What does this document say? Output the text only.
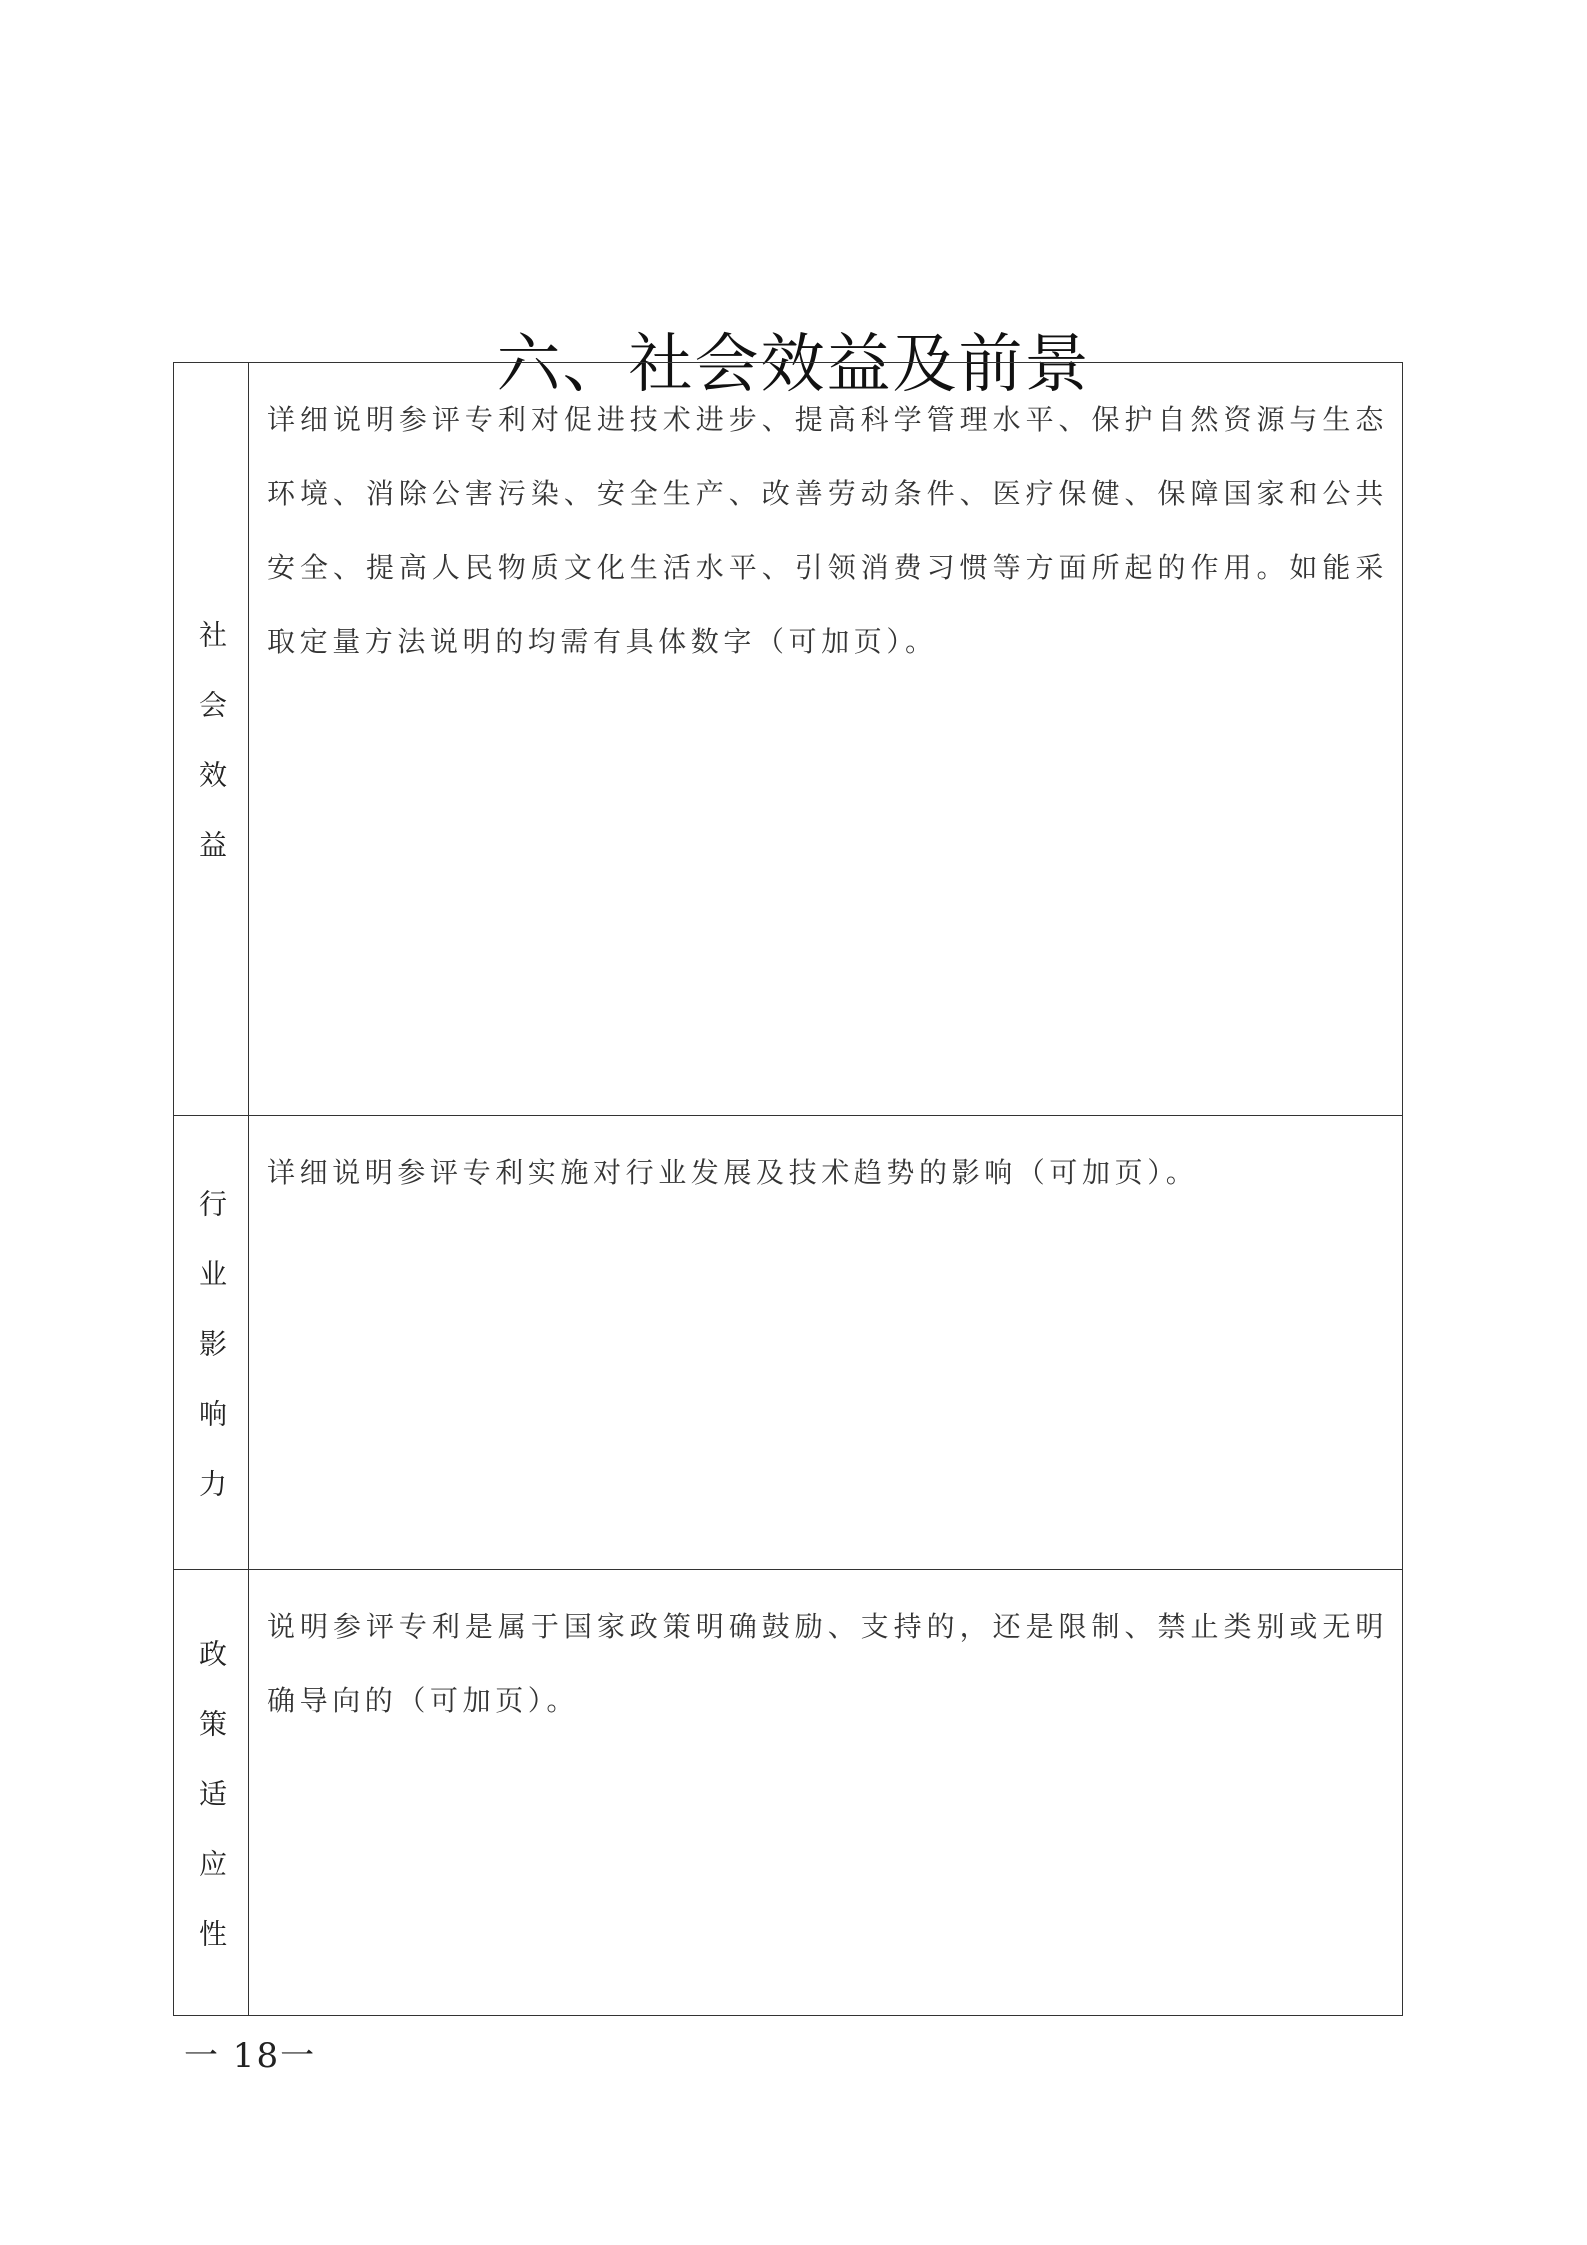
六、社会效益及前景
社会效益

详细说明参评专利对促进技术进步、提高科学管理水平、保护自然资源与生态环境、消除公害污染、安全生产、改善劳动条件、医疗保健、保障国家和公共安全、提高人民物质文化生活水平、引领消费习惯等方面所起的作用。如能采取定量方法说明的均需有具体数字（可加页）。

行业影响力

详细说明参评专利实施对行业发展及技术趋势的影响（可加页）。

政策适应性

说明参评专利是属于国家政策明确鼓励、支持的，还是限制、禁止类别或无明确导向的（可加页）。

一 18一
